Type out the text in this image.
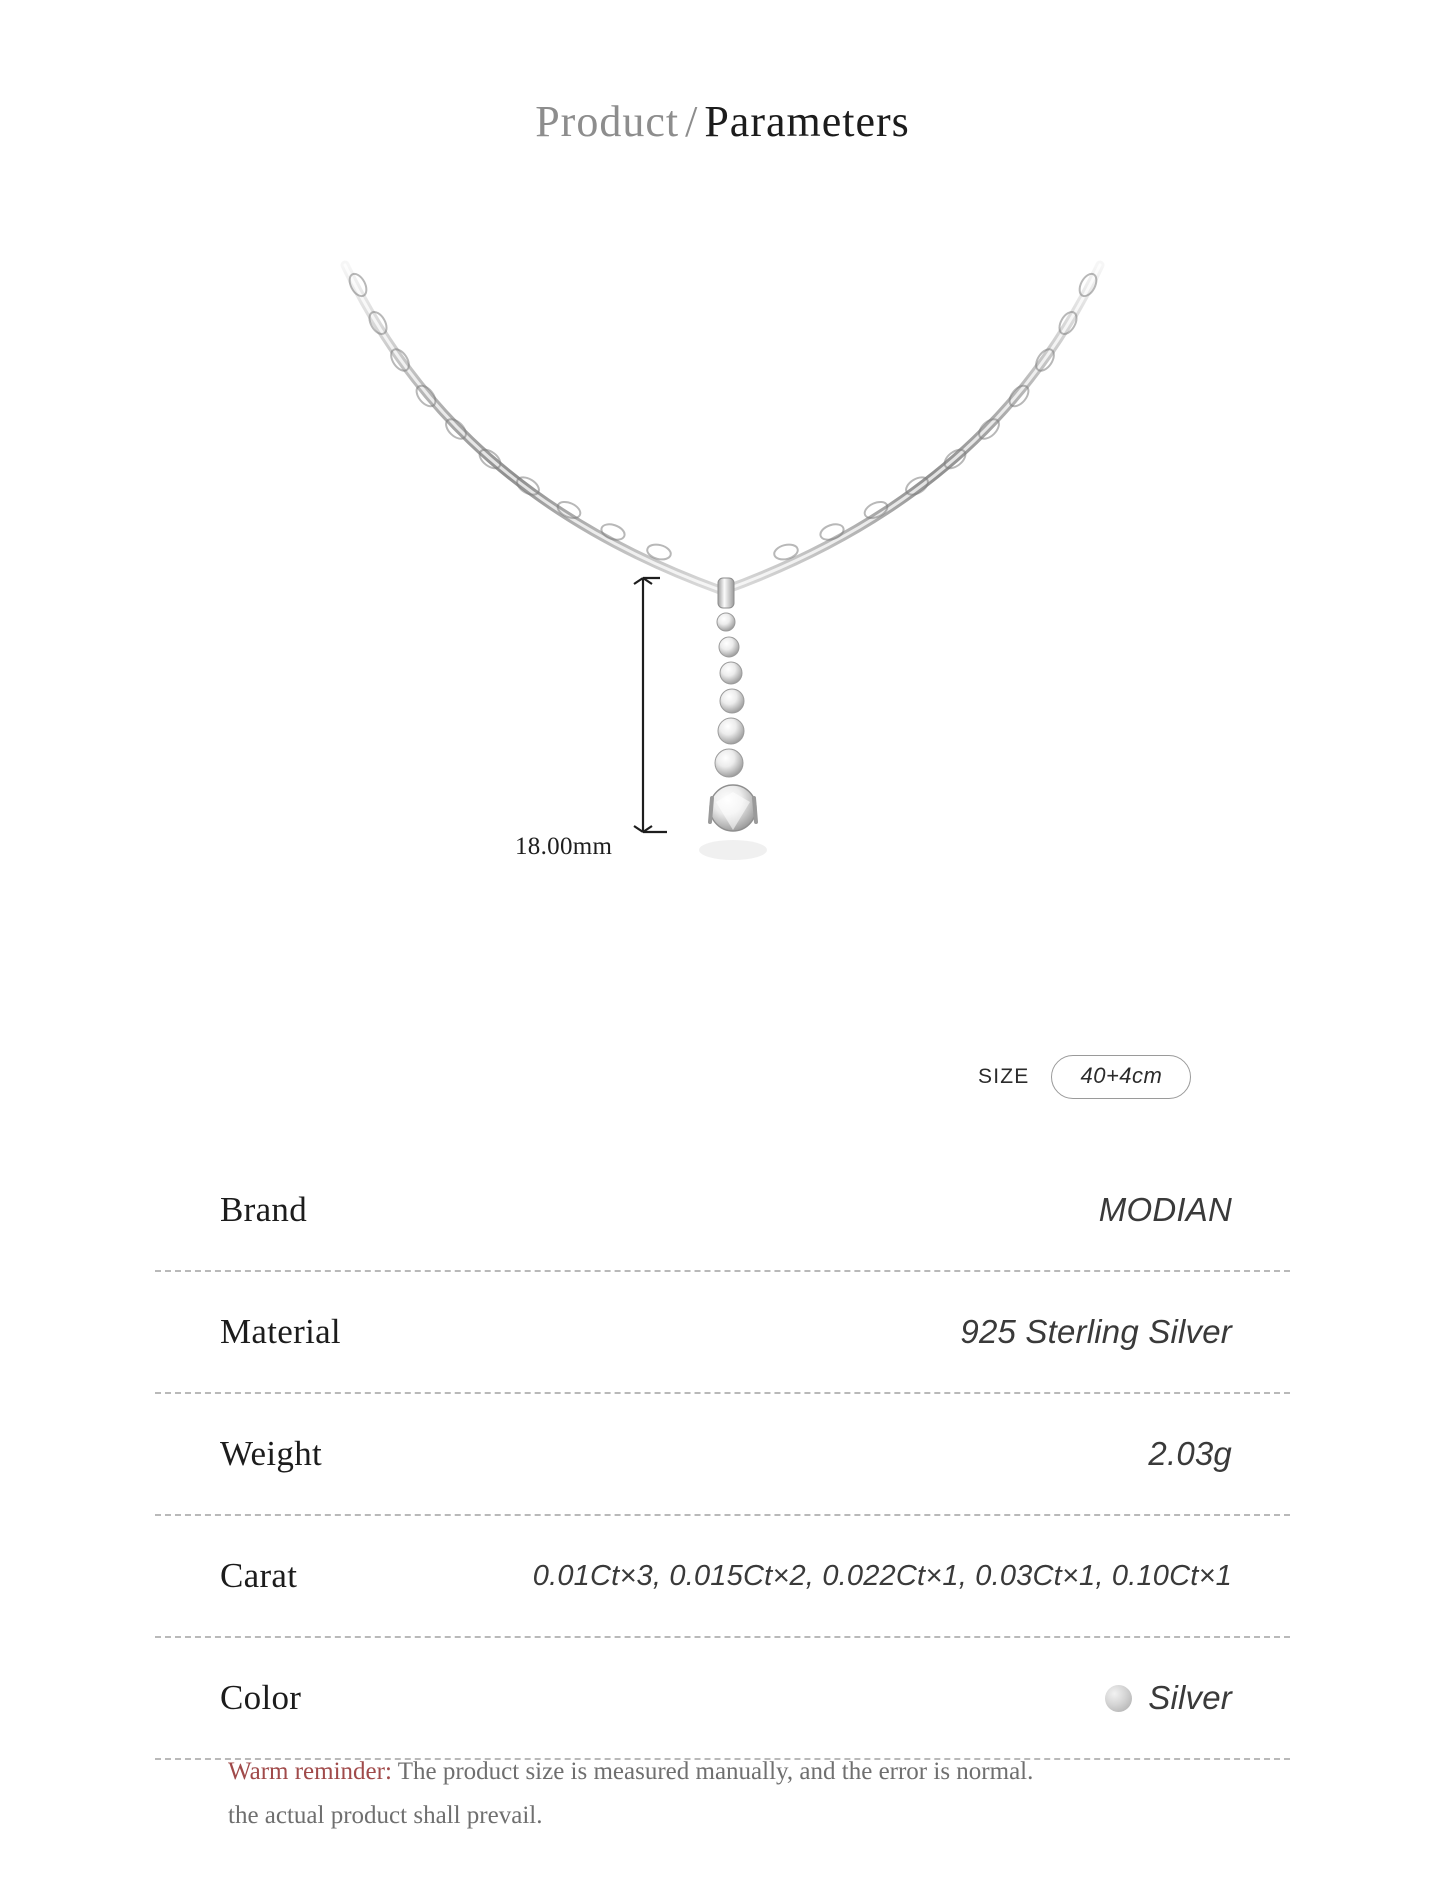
Product / Parameters
18.00mm
SIZE	40+4cm
Brand	MODIAN
Material	925 Sterling Silver
Weight	2.03g
Carat	0.01Ct×3, 0.015Ct×2, 0.022Ct×1, 0.03Ct×1, 0.10Ct×1
Color	Silver
Warm reminder: The product size is measured manually, and the error is normal.
the actual product shall prevail.
